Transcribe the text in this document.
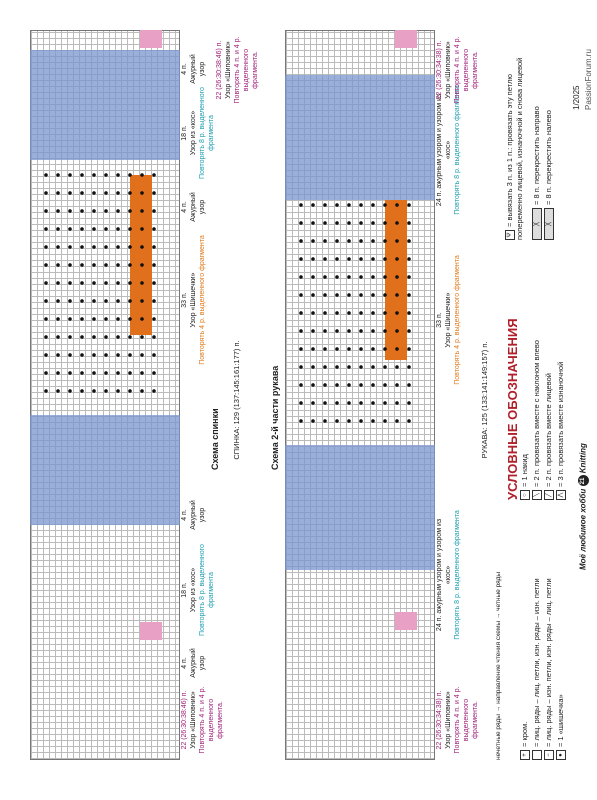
Схема спинки
22 (26:30:38:46) п. Узор «Шиповник» Повторять 4 п. и 4 р. выделенного фрагмента.
4 п. Ажурный узор
18 п. Узор из «кос» Повторять 8 р. выделенного фрагмента
4 п. Ажурный узор
33 п. Узор «Шишечки» Повторять 4 р. выделенного фрагмента
4 п. Ажурный узор
18 п. Узор из «кос» Повторять 8 р. выделенного фрагмента
4 п. Ажурный узор 22 (26:30:38:46) п. Узор «Шиповник» Повторять 4 п. и 4 р. выделенного фрагмента.
СПИНКА: 129 (137:145:161:177) п.	Схема 2-й части рукава
22 (26:30:34:38) п. Узор «Шиповник» Повторять 4 п. и 4 р. выделенного фрагмента.
24 п. ажурным узором и узором из «кос» Повторять 8 р. выделенного фрагмента
33 п. Узор «Шишечки» Повторять 4 р. выделенного фрагмента
24 п. ажурным узором и узором из «кос» Повторять 8 р. выделенного фрагмента
22 (26:30:34:38) п. Узор «Шиповник» Повторять 4 п. и 4 р. выделенного фрагмента.
РУКАВА: 125 (133:141:149:157) п.
нечетные ряды → направление чтения схемы → четные ряды
УСЛОВНЫЕ ОБОЗНАЧЕНИЯ
+= кром. = лиц. ряды – лиц. петли, изн. ряды – изн. петли
−= лиц. ряды – изн. петли, изн. ряды – лиц. петли
●= 1 «шишечка»
○= 1 накид
╲= 2 п. провязать вместе с наклоном влево
╱= 2 п. провязать вместе лицевой
⋀= 3 п. провязать вместе изнаночной
Ψ= вывязать 3 п. из 1 п.: провязать эту петлю попеременно лицевой, изнаночной и снова лицевой	╳= 8 п. перекрестить направо
╳= 8 п. перекрестить налево
Моё любимое хобби 21 Knitting
1/2025 PassionForum.ru
